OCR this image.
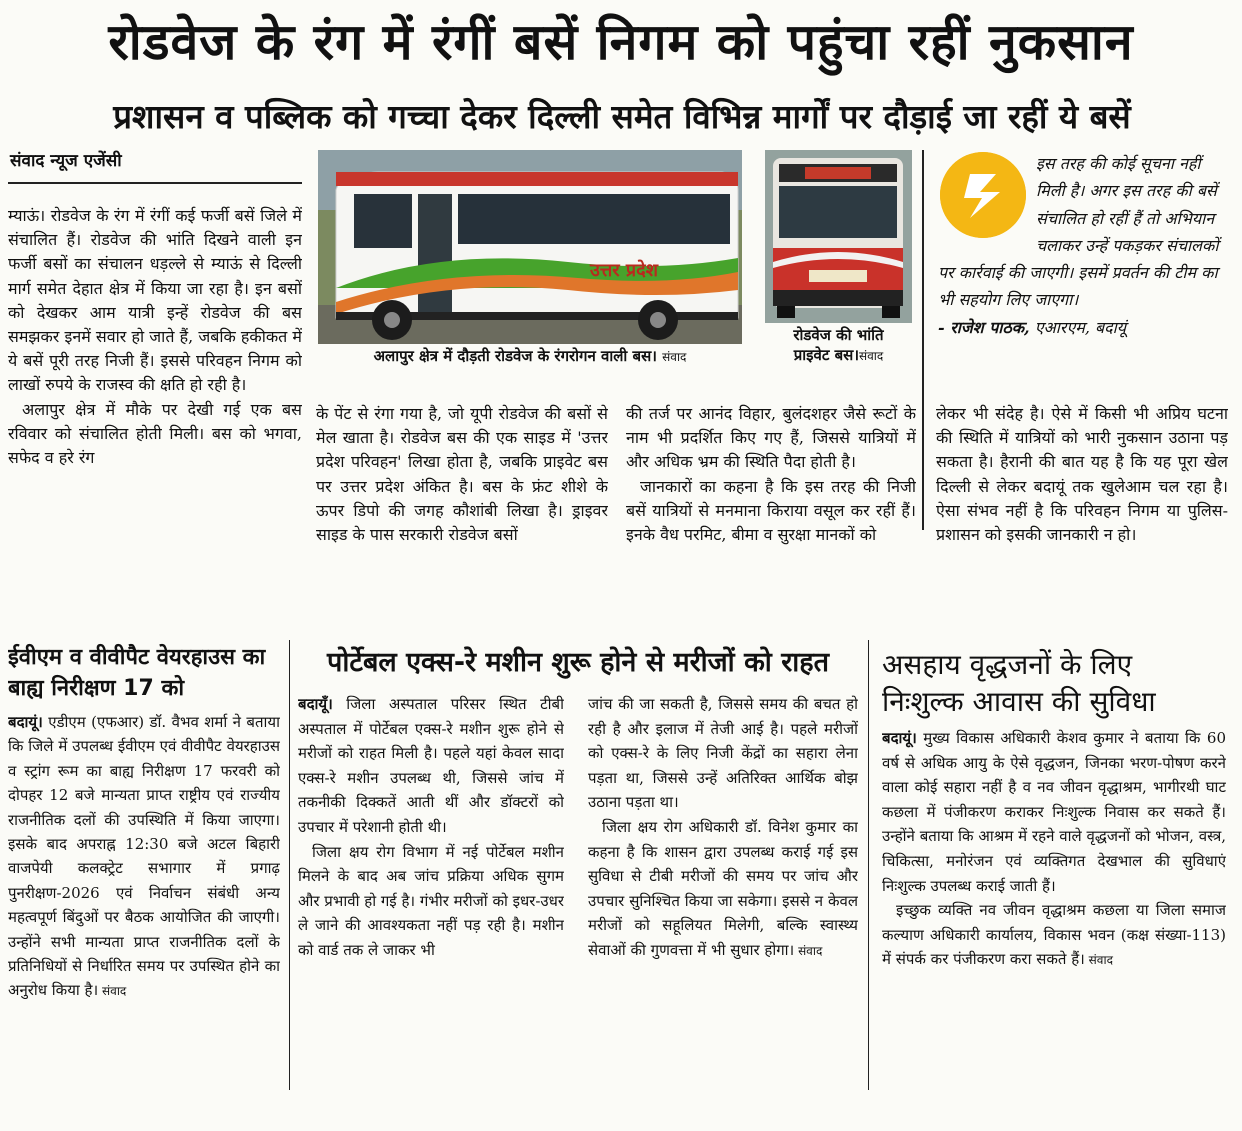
रोडवेज के रंग में रंगीं बसें निगम को पहुंचा रहीं नुकसान
प्रशासन व पब्लिक को गच्चा देकर दिल्ली समेत विभिन्न मार्गों पर दौड़ाई जा रहीं ये बसें
संवाद न्यूज एजेंसी

म्याऊं। रोडवेज के रंग में रंगीं कई फर्जी बसें जिले में संचालित हैं। रोडवेज की भांति दिखने वाली इन फर्जी बसों का संचालन धड़ल्ले से म्याऊं से दिल्ली मार्ग समेत देहात क्षेत्र में किया जा रहा है। इन बसों को देखकर आम यात्री इन्हें रोडवेज की बस समझकर इनमें सवार हो जाते हैं, जबकि हकीकत में ये बसें पूरी तरह निजी हैं। इससे परिवहन निगम को लाखों रुपये के राजस्व की क्षति हो रही है।

अलापुर क्षेत्र में मौके पर देखी गई एक बस रविवार को संचालित होती मिली। बस को भगवा, सफेद व हरे रंग

उत्तर प्रदेश
अलापुर क्षेत्र में दौड़ती रोडवेज के रंगरोगन वाली बस। संवाद
रोडवेज की भांति
प्राइवेट बस।संवाद
इस तरह की कोई सूचना नहीं मिली है। अगर इस तरह की बसें संचालित हो रहीं हैं तो अभियान चलाकर उन्हें पकड़कर संचालकों पर कार्रवाई की जाएगी। इसमें प्रवर्तन की टीम का भी सहयोग लिए जाएगा।
- राजेश पाठक, एआरएम, बदायूं

के पेंट से रंगा गया है, जो यूपी रोडवेज की बसों से मेल खाता है। रोडवेज बस की एक साइड में 'उत्तर प्रदेश परिवहन' लिखा होता है, जबकि प्राइवेट बस पर उत्तर प्रदेश अंकित है। बस के फ्रंट शीशे के ऊपर डिपो की जगह कौशांबी लिखा है। ड्राइवर साइड के पास सरकारी रोडवेज बसों

की तर्ज पर आनंद विहार, बुलंदशहर जैसे रूटों के नाम भी प्रदर्शित किए गए हैं, जिससे यात्रियों में और अधिक भ्रम की स्थिति पैदा होती है।

जानकारों का कहना है कि इस तरह की निजी बसें यात्रियों से मनमाना किराया वसूल कर रहीं हैं। इनके वैध परमिट, बीमा व सुरक्षा मानकों को

लेकर भी संदेह है। ऐसे में किसी भी अप्रिय घटना की स्थिति में यात्रियों को भारी नुकसान उठाना पड़ सकता है। हैरानी की बात यह है कि यह पूरा खेल दिल्ली से लेकर बदायूं तक खुलेआम चल रहा है। ऐसा संभव नहीं है कि परिवहन निगम या पुलिस-प्रशासन को इसकी जानकारी न हो।

ईवीएम व वीवीपैट वेयरहाउस का बाह्य निरीक्षण 17 को

बदायूं। एडीएम (एफआर) डॉ. वैभव शर्मा ने बताया कि जिले में उपलब्ध ईवीएम एवं वीवीपैट वेयरहाउस व स्ट्रांग रूम का बाह्य निरीक्षण 17 फरवरी को दोपहर 12 बजे मान्यता प्राप्त राष्ट्रीय एवं राज्यीय राजनीतिक दलों की उपस्थिति में किया जाएगा। इसके बाद अपराह्न 12:30 बजे अटल बिहारी वाजपेयी कलक्ट्रेट सभागार में प्रगाढ़ पुनरीक्षण-2026 एवं निर्वाचन संबंधी अन्य महत्वपूर्ण बिंदुओं पर बैठक आयोजित की जाएगी। उन्होंने सभी मान्यता प्राप्त राजनीतिक दलों के प्रतिनिधियों से निर्धारित समय पर उपस्थित होने का अनुरोध किया है। संवाद

पोर्टेबल एक्स-रे मशीन शुरू होने से मरीजों को राहत

बदायूँ। जिला अस्पताल परिसर स्थित टीबी अस्पताल में पोर्टेबल एक्स-रे मशीन शुरू होने से मरीजों को राहत मिली है। पहले यहां केवल सादा एक्स-रे मशीन उपलब्ध थी, जिससे जांच में तकनीकी दिक्कतें आती थीं और डॉक्टरों को उपचार में परेशानी होती थी।

जिला क्षय रोग विभाग में नई पोर्टेबल मशीन मिलने के बाद अब जांच प्रक्रिया अधिक सुगम और प्रभावी हो गई है। गंभीर मरीजों को इधर-उधर ले जाने की आवश्यकता नहीं पड़ रही है। मशीन को वार्ड तक ले जाकर भी

जांच की जा सकती है, जिससे समय की बचत हो रही है और इलाज में तेजी आई है। पहले मरीजों को एक्स-रे के लिए निजी केंद्रों का सहारा लेना पड़ता था, जिससे उन्हें अतिरिक्त आर्थिक बोझ उठाना पड़ता था।

जिला क्षय रोग अधिकारी डॉ. विनेश कुमार का कहना है कि शासन द्वारा उपलब्ध कराई गई इस सुविधा से टीबी मरीजों की समय पर जांच और उपचार सुनिश्चित किया जा सकेगा। इससे न केवल मरीजों को सहूलियत मिलेगी, बल्कि स्वास्थ्य सेवाओं की गुणवत्ता में भी सुधार होगा। संवाद

असहाय वृद्धजनों के लिए
निःशुल्क आवास की सुविधा

बदायूं। मुख्य विकास अधिकारी केशव कुमार ने बताया कि 60 वर्ष से अधिक आयु के ऐसे वृद्धजन, जिनका भरण-पोषण करने वाला कोई सहारा नहीं है व नव जीवन वृद्धाश्रम, भागीरथी घाट कछला में पंजीकरण कराकर निःशुल्क निवास कर सकते हैं। उन्होंने बताया कि आश्रम में रहने वाले वृद्धजनों को भोजन, वस्त्र, चिकित्सा, मनोरंजन एवं व्यक्तिगत देखभाल की सुविधाएं निःशुल्क उपलब्ध कराई जाती हैं।

इच्छुक व्यक्ति नव जीवन वृद्धाश्रम कछला या जिला समाज कल्याण अधिकारी कार्यालय, विकास भवन (कक्ष संख्या-113) में संपर्क कर पंजीकरण करा सकते हैं। संवाद
